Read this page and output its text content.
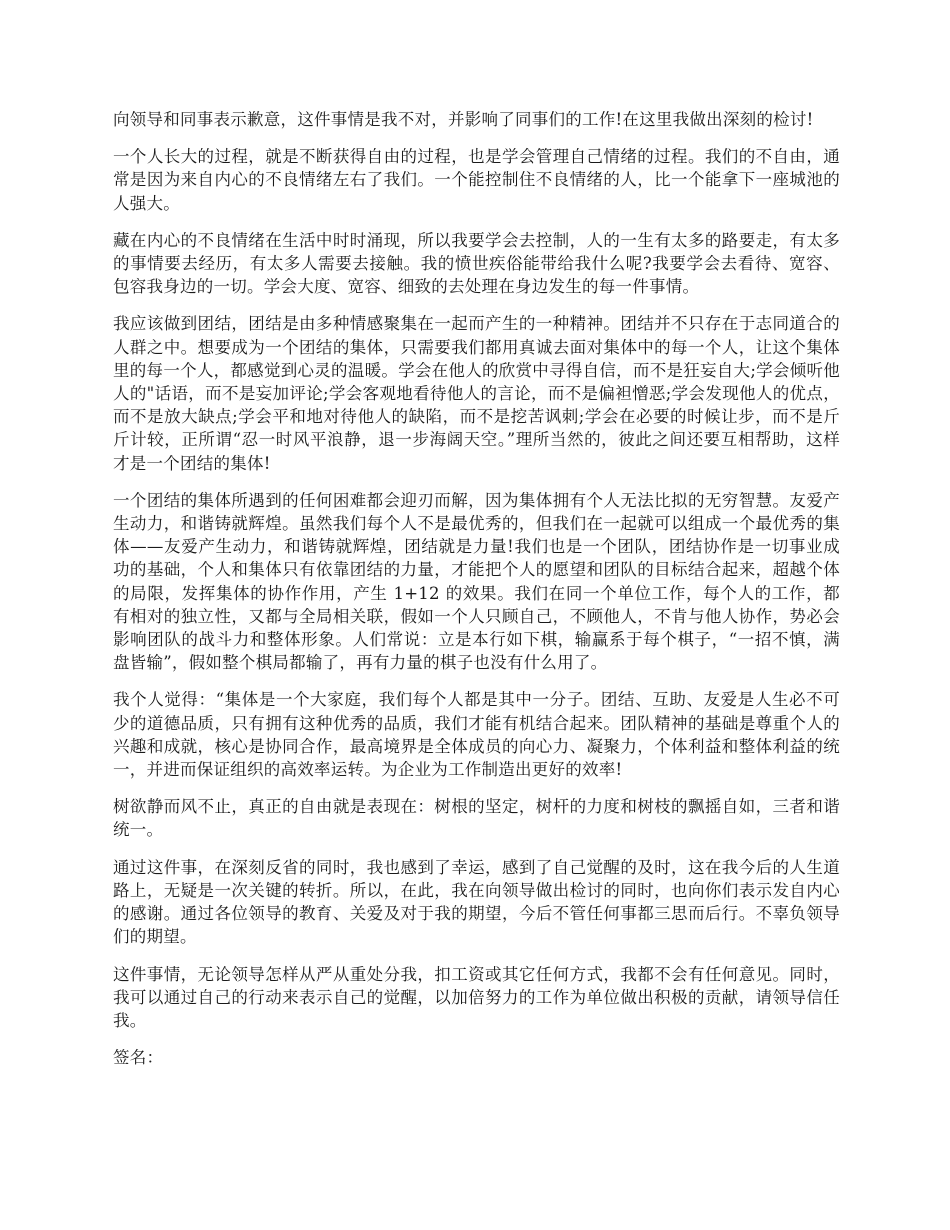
向领导和同事表示歉意，这件事情是我不对，并影响了同事们的工作!在这里我做出深刻的检讨!

一个人长大的过程，就是不断获得自由的过程，也是学会管理自己情绪的过程。我们的不自由，通常是因为来自内心的不良情绪左右了我们。一个能控制住不良情绪的人，比一个能拿下一座城池的人强大。

藏在内心的不良情绪在生活中时时涌现，所以我要学会去控制，人的一生有太多的路要走，有太多的事情要去经历，有太多人需要去接触。我的愤世疾俗能带给我什么呢?我要学会去看待、宽容、包容我身边的一切。学会大度、宽容、细致的去处理在身边发生的每一件事情。

我应该做到团结，团结是由多种情感聚集在一起而产生的一种精神。团结并不只存在于志同道合的人群之中。想要成为一个团结的集体，只需要我们都用真诚去面对集体中的每一个人，让这个集体里的每一个人，都感觉到心灵的温暖。学会在他人的欣赏中寻得自信，而不是狂妄自大;学会倾听他人的"话语，而不是妄加评论;学会客观地看待他人的言论，而不是偏袒憎恶;学会发现他人的优点，而不是放大缺点;学会平和地对待他人的缺陷，而不是挖苦讽刺;学会在必要的时候让步，而不是斤斤计较，正所谓“忍一时风平浪静，退一步海阔天空。”理所当然的，彼此之间还要互相帮助，这样才是一个团结的集体!

一个团结的集体所遇到的任何困难都会迎刃而解，因为集体拥有个人无法比拟的无穷智慧。友爱产生动力，和谐铸就辉煌。虽然我们每个人不是最优秀的，但我们在一起就可以组成一个最优秀的集体——友爱产生动力，和谐铸就辉煌，团结就是力量!我们也是一个团队，团结协作是一切事业成功的基础，个人和集体只有依靠团结的力量，才能把个人的愿望和团队的目标结合起来，超越个体的局限，发挥集体的协作作用，产生 1+12 的效果。我们在同一个单位工作，每个人的工作，都有相对的独立性，又都与全局相关联，假如一个人只顾自己，不顾他人，不肯与他人协作，势必会影响团队的战斗力和整体形象。人们常说：立是本行如下棋，输赢系于每个棋子，“一招不慎，满盘皆输”，假如整个棋局都输了，再有力量的棋子也没有什么用了。

我个人觉得：“集体是一个大家庭，我们每个人都是其中一分子。团结、互助、友爱是人生必不可少的道德品质，只有拥有这种优秀的品质，我们才能有机结合起来。团队精神的基础是尊重个人的兴趣和成就，核心是协同合作，最高境界是全体成员的向心力、凝聚力，个体利益和整体利益的统一，并进而保证组织的高效率运转。为企业为工作制造出更好的效率!

树欲静而风不止，真正的自由就是表现在：树根的坚定，树杆的力度和树枝的飘摇自如，三者和谐统一。

通过这件事，在深刻反省的同时，我也感到了幸运，感到了自己觉醒的及时，这在我今后的人生道路上，无疑是一次关键的转折。所以，在此，我在向领导做出检讨的同时，也向你们表示发自内心的感谢。通过各位领导的教育、关爱及对于我的期望，今后不管任何事都三思而后行。不辜负领导们的期望。

这件事情，无论领导怎样从严从重处分我，扣工资或其它任何方式，我都不会有任何意见。同时，我可以通过自己的行动来表示自己的觉醒，以加倍努力的工作为单位做出积极的贡献，请领导信任我。

签名：
